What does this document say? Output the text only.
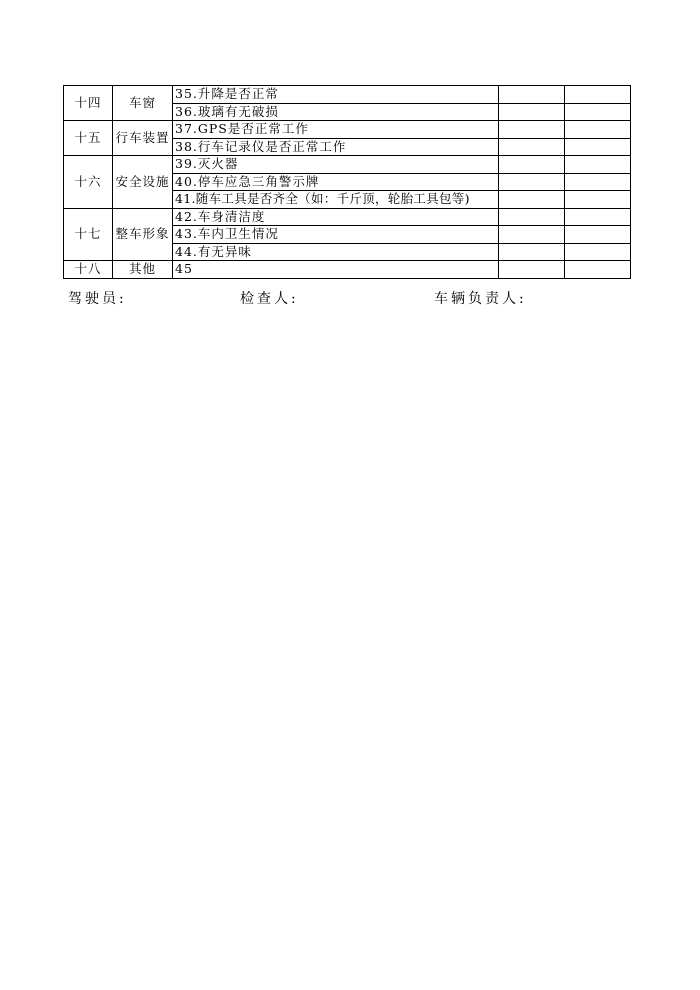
十四	车窗	35.升降是否正常		
		36.玻璃有无破损		
十五	行车装置	37.GPS是否正常工作		
		38.行车记录仪是否正常工作		
十六	安全设施	39.灭火器		
		40.停车应急三角警示牌		
		41.随车工具是否齐全（如：千斤顶，轮胎工具包等)		
十七	整车形象	42.车身清洁度		
		43.车内卫生情况		
		44.有无异味		
十八	其他	45		
驾驶员:	检查人:	车辆负责人:
